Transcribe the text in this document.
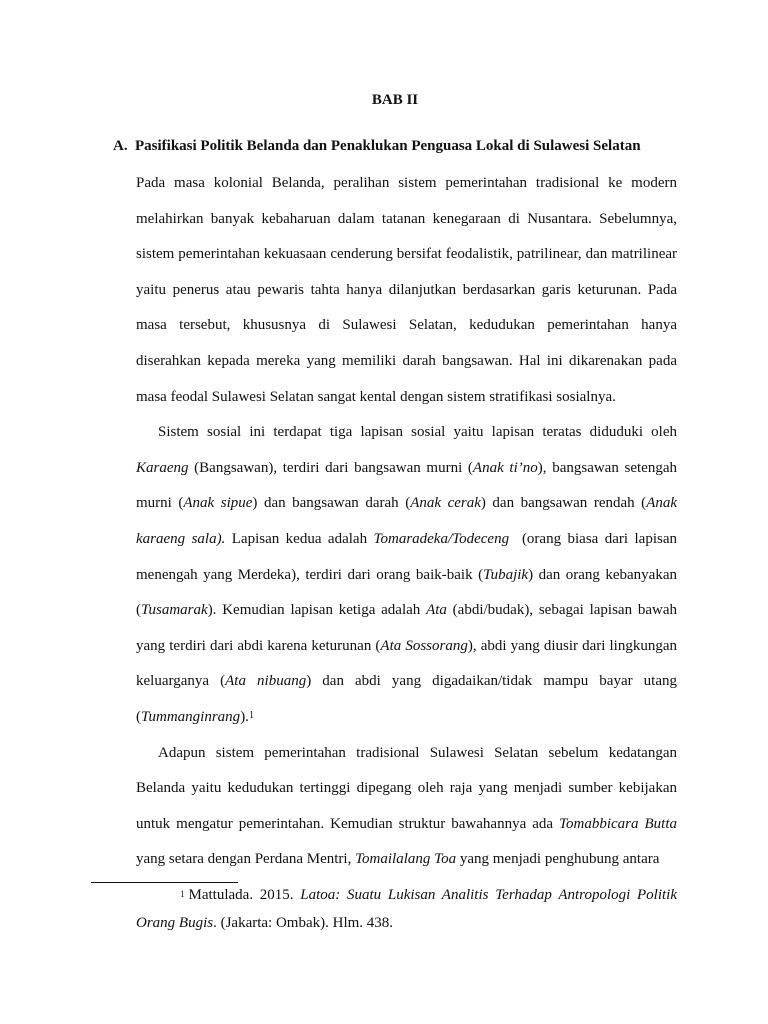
BAB II
A. Pasifikasi Politik Belanda dan Penaklukan Penguasa Lokal di Sulawesi Selatan

Pada masa kolonial Belanda, peralihan sistem pemerintahan tradisional ke modern melahirkan banyak kebaharuan dalam tatanan kenegaraan di Nusantara. Sebelumnya, sistem pemerintahan kekuasaan cenderung bersifat feodalistik, patrilinear, dan matrilinear yaitu penerus atau pewaris tahta hanya dilanjutkan berdasarkan garis keturunan. Pada masa tersebut, khususnya di Sulawesi Selatan, kedudukan pemerintahan hanya diserahkan kepada mereka yang memiliki darah bangsawan. Hal ini dikarenakan pada masa feodal Sulawesi Selatan sangat kental dengan sistem stratifikasi sosialnya.

Sistem sosial ini terdapat tiga lapisan sosial yaitu lapisan teratas diduduki oleh Karaeng (Bangsawan), terdiri dari bangsawan murni (Anak ti’no), bangsawan setengah murni (Anak sipue) dan bangsawan darah (Anak cerak) dan bangsawan rendah (Anak karaeng sala). Lapisan kedua adalah Tomaradeka/Todeceng  (orang biasa dari lapisan menengah yang Merdeka), terdiri dari orang baik-baik (Tubajik) dan orang kebanyakan (Tusamarak). Kemudian lapisan ketiga adalah Ata (abdi/budak), sebagai lapisan bawah yang terdiri dari abdi karena keturunan (Ata Sossorang), abdi yang diusir dari lingkungan keluarganya (Ata nibuang) dan abdi yang digadaikan/tidak mampu bayar utang (Tummanginrang).$^1$

Adapun sistem pemerintahan tradisional Sulawesi Selatan sebelum kedatangan Belanda yaitu kedudukan tertinggi dipegang oleh raja yang menjadi sumber kebijakan untuk mengatur pemerintahan. Kemudian struktur bawahannya ada Tomabbicara Butta yang setara dengan Perdana Mentri, Tomailalang Toa yang menjadi penghubung antara

$^1$ Mattulada. 2015. Latoa: Suatu Lukisan Analitis Terhadap Antropologi Politik Orang Bugis. (Jakarta: Ombak). Hlm. 438.
